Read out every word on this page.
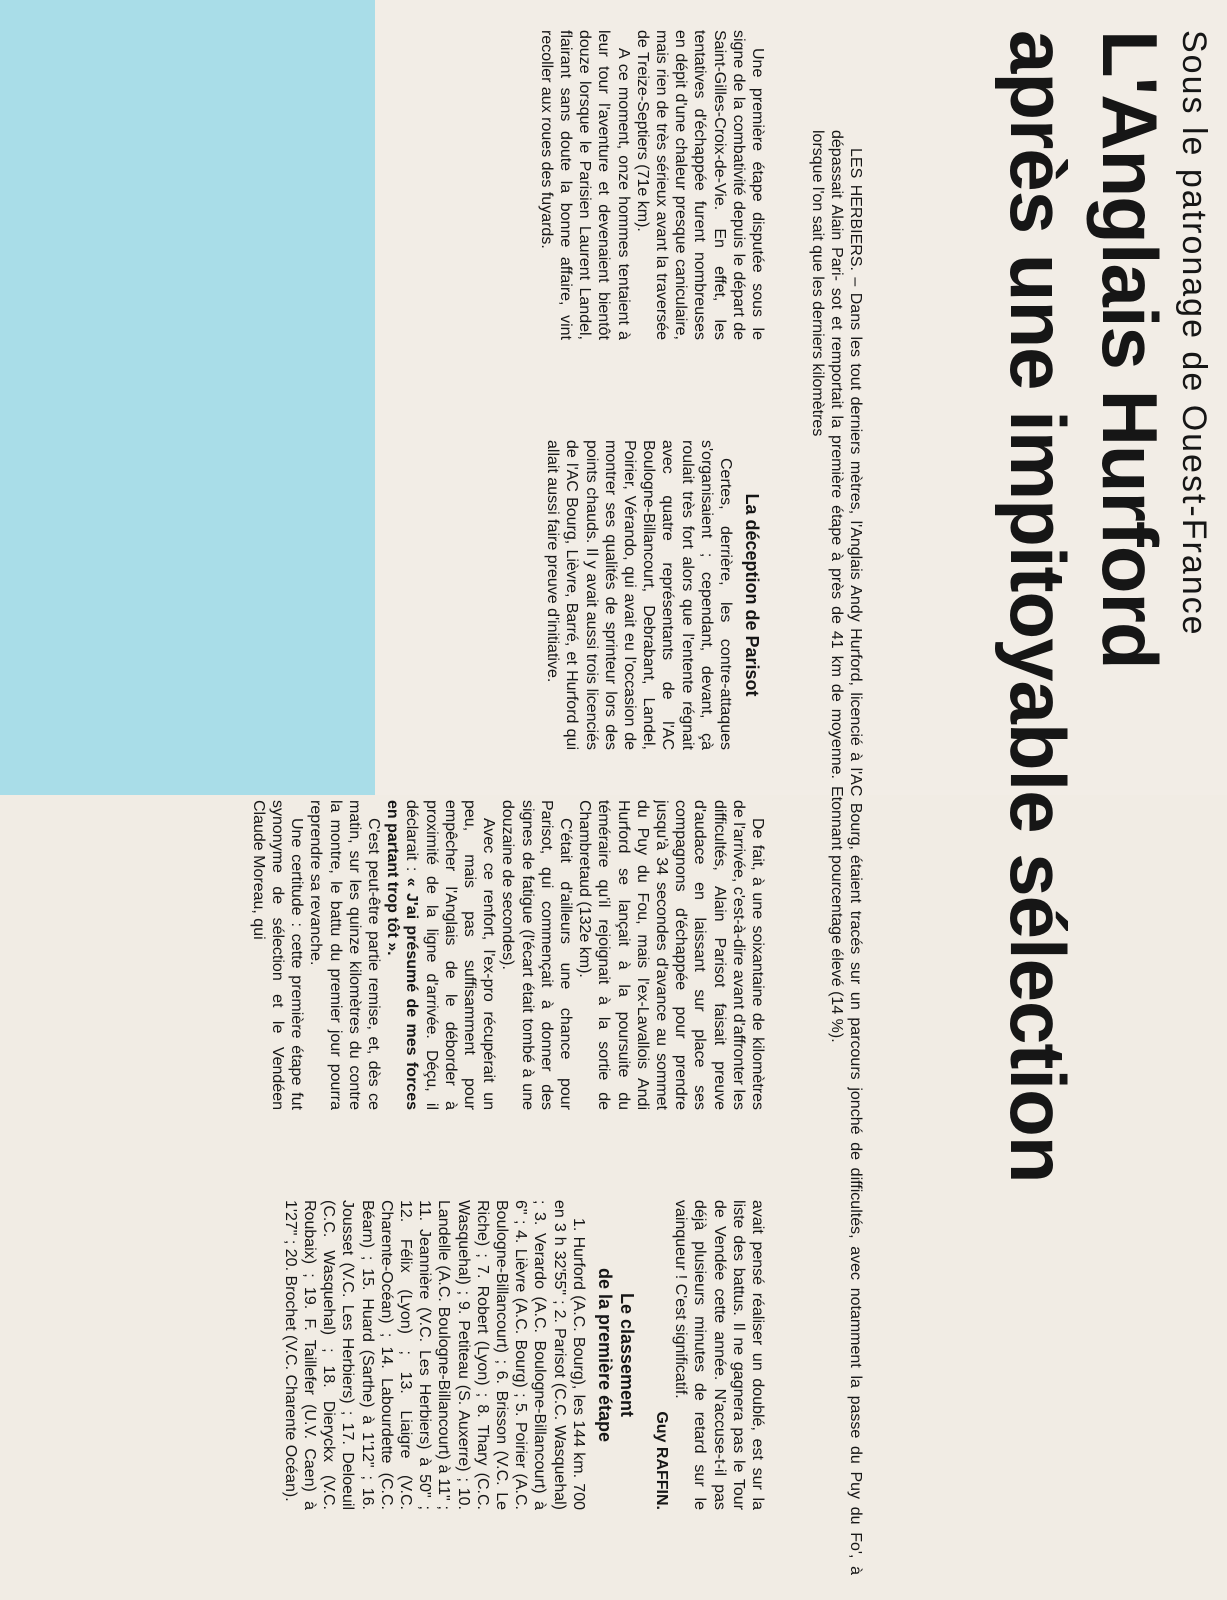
Sous le patronage de Ouest-France
L'Anglais Hurford
après une impitoyable sélection

LES HERBIERS. – Dans les tout derniers mètres, l'Anglais Andy Hurford, licencié à l'AC Bourg, dépassait Alain Pari- sot et remportait la première étape à près de 41 km de moyenne. Etonnant lorsque l'on sait que les derniers kilomètres

étaient tracés sur un parcours jonché de difficultés, avec notamment la passe du Puy du Fo', à pourcentage élevé (14 %).

Une première étape disputée sous le signe de la combativité depuis le départ de Saint-Gilles-Croix-de-Vie. En effet, les tentatives d'échappée furent nombreuses en dépit d'une chaleur presque caniculaire, mais rien de très sérieux avant la traversée de Treize-Septiers (71e km).

A ce moment, onze hommes tentaient à leur tour l'aventure et devenaient bientôt douze lorsque le Parisien Laurent Landel, flairant sans doute la bonne affaire, vint recoller aux roues des fuyards.

La déception de Parisot

Certes, derrière, les contre-attaques s'organisaient ; cependant, devant, çà roulait très fort alors que l'entente régnait avec quatre représentants de l'AC Boulogne-Billancourt, Debrabant, Landel, Poirier, Vérando, qui avait eu l'occasion de montrer ses qualités de sprinteur lors des points chauds. Il y avait aussi trois licenciés de l'AC Bourg, Lièvre, Barré, et Hurford qui allait aussi faire preuve d'initiative.

De fait, à une soixantaine de kilomètres de l'arrivée, c'est-à-dire avant d'affronter les difficultés, Alain Parisot faisait preuve d'audace en laissant sur place ses compagnons d'échappée pour prendre jusqu'à 34 secondes d'avance au sommet du Puy du Fou, mais l'ex-Lavallois Andi Hurford se lançait à la poursuite du téméraire qu'il rejoignait à la sortie de Chambretaud (132e km).

C'était d'ailleurs une chance pour Parisot, qui commençait à donner des signes de fatigue (l'écart était tombé à une douzaine de secondes).

Avec ce renfort, l'ex-pro récupérait un peu, mais pas suffisamment pour empêcher l'Anglais de le déborder à proximité de la ligne d'arrivée. Déçu, il déclarait : « J'ai présumé de mes forces en partant trop tôt ».

C'est peut-être partie remise, et, dès ce matin, sur les quinze kilomètres du contre la montre, le battu du premier jour pourra reprendre sa revanche.

Une certitude : cette première étape fut synonyme de sélection et le Vendéen Claude Moreau, qui

avait pensé réaliser un doublé, est sur la liste des battus. Il ne gagnera pas le Tour de Vendée cette année. N'accuse-t-il pas déjà plusieurs minutes de retard sur le vainqueur ! C'est significatif.

Guy RAFFIN.

Le classement
de la première étape

1. Hurford (A.C. Bourg), les 144 km. 700 en 3 h 32'55" ; 2. Parisot (C.C. Wasquehal) ; 3. Verardo (A.C. Boulogne-Billancourt) à 6" ; 4. Lièvre (A.C. Bourg) ; 5. Poirier (A.C. Boulogne-Billancourt) ; 6. Brisson (V.C. Le Riche) ; 7. Robert (Lyon) ; 8. Thary (C.C. Wasquehal) ; 9. Petiteau (S. Auxerre) ; 10. Landelle (A.C. Boulogne-Billancourt) à 11" ; 11. Jeannière (V.C. Les Herbiers) à 50" ; 12. Félix (Lyon) ; 13. Liaigre (V.C. Charente-Océan) ; 14. Labourdette (C.C. Béarn) ; 15. Huard (Sarthe) à 1'12" ; 16. Jousset (V.C. Les Herbiers) ; 17. Deloeuil (C.C. Wasquehal) ; 18. Dieryckx (V.C. Roubaix) ; 19. F. Taillefer (U.V. Caen) à 1'27" ; 20. Brochet (V.C. Charente Océan).
